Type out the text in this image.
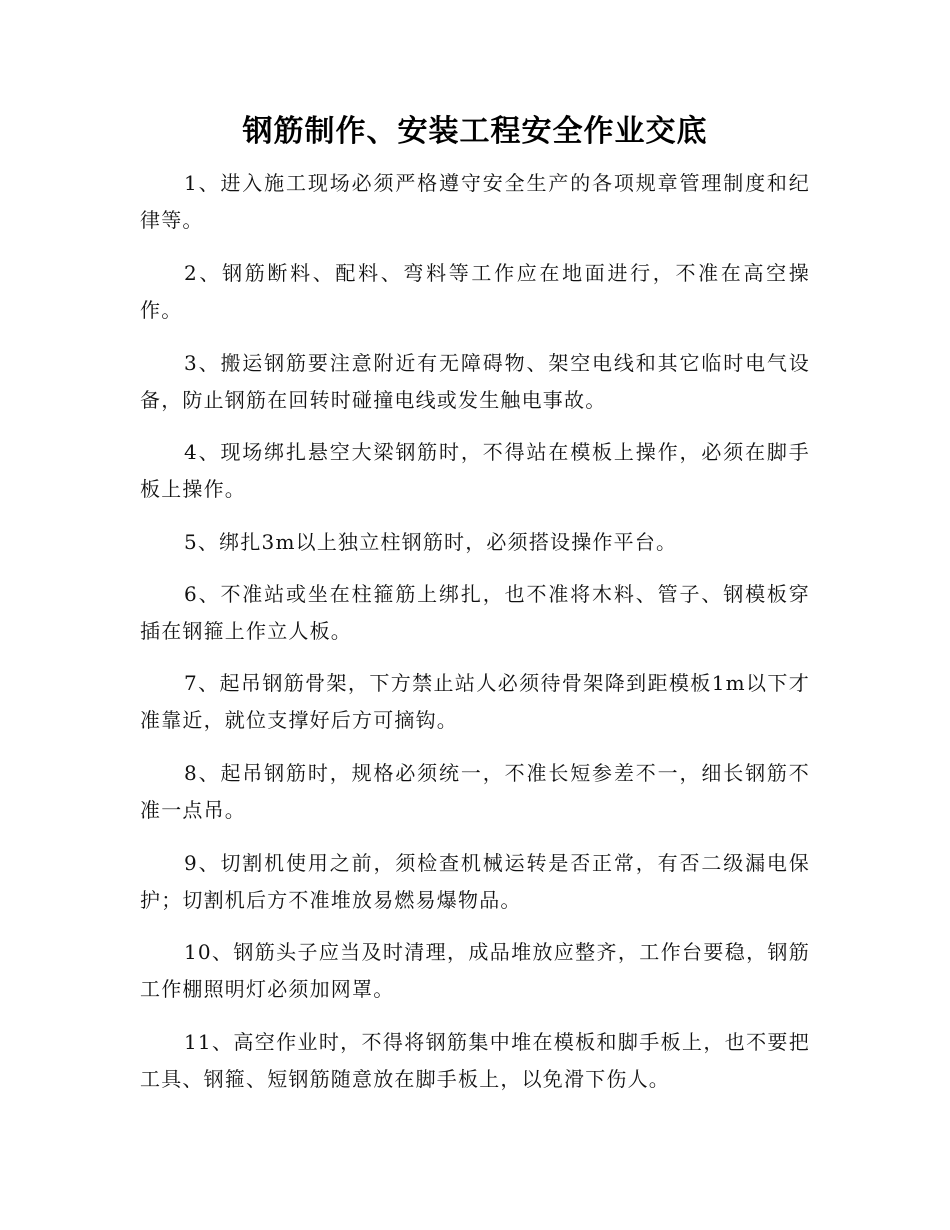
钢筋制作、安装工程安全作业交底

1、进入施工现场必须严格遵守安全生产的各项规章管理制度和纪律等。

2、钢筋断料、配料、弯料等工作应在地面进行，不准在高空操作。

3、搬运钢筋要注意附近有无障碍物、架空电线和其它临时电气设备，防止钢筋在回转时碰撞电线或发生触电事故。

4、现场绑扎悬空大梁钢筋时，不得站在模板上操作，必须在脚手板上操作。

5、绑扎3m以上独立柱钢筋时，必须搭设操作平台。

6、不准站或坐在柱箍筋上绑扎，也不准将木料、管子、钢模板穿插在钢箍上作立人板。

7、起吊钢筋骨架，下方禁止站人必须待骨架降到距模板1m以下才准靠近，就位支撑好后方可摘钩。

8、起吊钢筋时，规格必须统一，不准长短参差不一，细长钢筋不准一点吊。

9、切割机使用之前，须检查机械运转是否正常，有否二级漏电保护；切割机后方不准堆放易燃易爆物品。

10、钢筋头子应当及时清理，成品堆放应整齐，工作台要稳，钢筋工作棚照明灯必须加网罩。

11、高空作业时，不得将钢筋集中堆在模板和脚手板上，也不要把工具、钢箍、短钢筋随意放在脚手板上，以免滑下伤人。
